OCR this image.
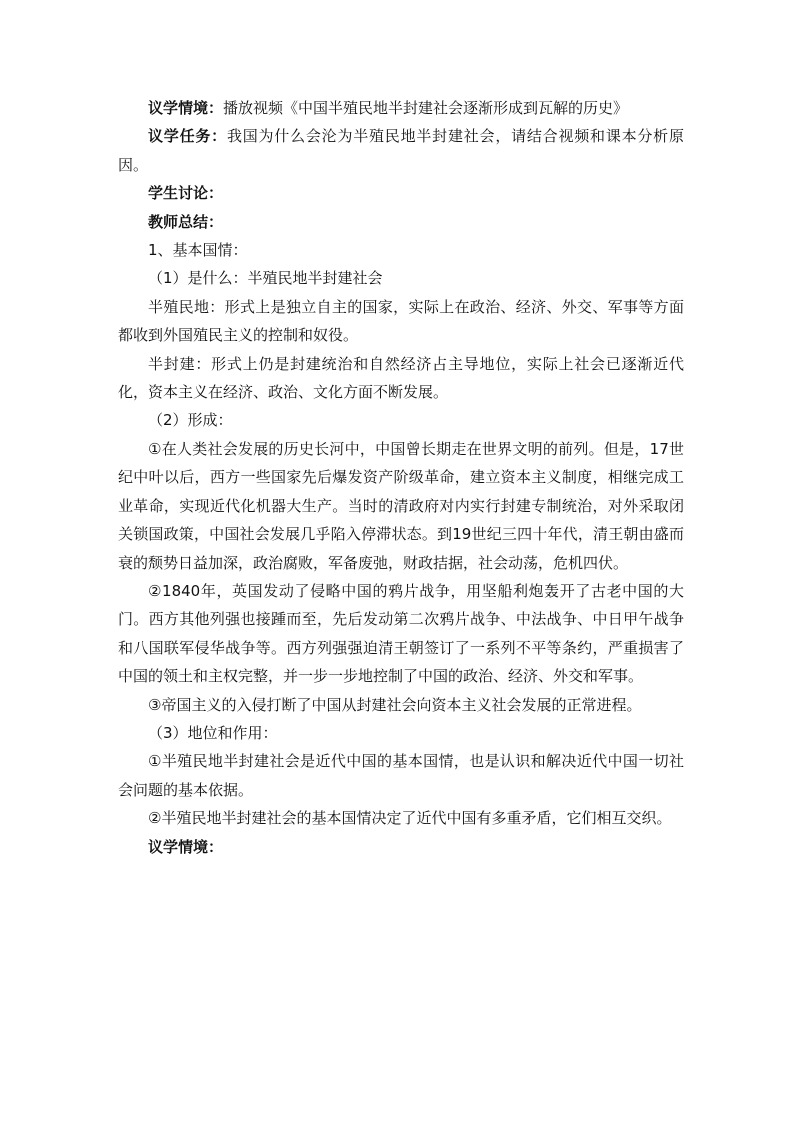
议学情境：播放视频《中国半殖民地半封建社会逐渐形成到瓦解的历史》

议学任务：我国为什么会沦为半殖民地半封建社会，请结合视频和课本分析原因。

学生讨论：

教师总结：

1、基本国情：

（1）是什么：半殖民地半封建社会

半殖民地：形式上是独立自主的国家，实际上在政治、经济、外交、军事等方面都收到外国殖民主义的控制和奴役。

半封建：形式上仍是封建统治和自然经济占主导地位，实际上社会已逐渐近代化，资本主义在经济、政治、文化方面不断发展。

（2）形成：

①在人类社会发展的历史长河中，中国曾长期走在世界文明的前列。但是，17世纪中叶以后，西方一些国家先后爆发资产阶级革命，建立资本主义制度，相继完成工业革命，实现近代化机器大生产。当时的清政府对内实行封建专制统治，对外采取闭关锁国政策，中国社会发展几乎陷入停滞状态。到19世纪三四十年代，清王朝由盛而衰的颓势日益加深，政治腐败，军备废弛，财政拮据，社会动荡，危机四伏。

②1840年，英国发动了侵略中国的鸦片战争，用坚船利炮轰开了古老中国的大门。西方其他列强也接踵而至，先后发动第二次鸦片战争、中法战争、中日甲午战争和八国联军侵华战争等。西方列强强迫清王朝签订了一系列不平等条约，严重损害了中国的领土和主权完整，并一步一步地控制了中国的政治、经济、外交和军事。

③帝国主义的入侵打断了中国从封建社会向资本主义社会发展的正常进程。

（3）地位和作用：

①半殖民地半封建社会是近代中国的基本国情，也是认识和解决近代中国一切社会问题的基本依据。

②半殖民地半封建社会的基本国情决定了近代中国有多重矛盾，它们相互交织。

议学情境：
